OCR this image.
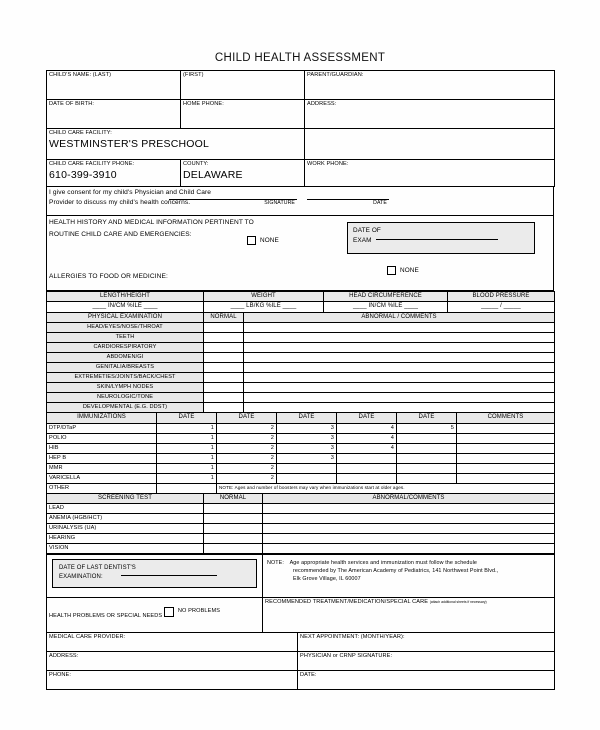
CHILD HEALTH ASSESSMENT
CHILD'S NAME: (LAST)	(FIRST)	PARENT/GUARDIAN:
DATE OF BIRTH:	HOME PHONE:	ADDRESS:
CHILD CARE FACILITY:
WESTMINSTER'S PRESCHOOL		

CHILD CARE FACILITY PHONE:
610-399-3910	COUNTY:
DELAWARE	WORK PHONE:
I give consent for my child's Physician and Child Care
Provider to discuss my child's health concerns.	SIGNATURE	DATE
HEALTH HISTORY AND MEDICAL INFORMATION PERTINENT TO
ROUTINE CHILD CARE AND EMERGENCIES:
NONE
ALLERGIES TO FOOD OR MEDICINE:
NONE
DATE OF
EXAM
LENGTH/HEIGHT	WEIGHT	HEAD CIRCUMFERENCE	BLOOD PRESSURE
____ IN/CM %ILE ____	____ LB/KG %ILE ____	____ IN/CM %ILE ____	_____ / _____
PHYSICAL EXAMINATION	NORMAL	ABNORMAL / COMMENTS
HEAD/EYES/NOSE/THROAT		
TEETH		
CARDIORESPIRATORY		
ABDOMEN/GI		
GENITALIA/BREASTS		
EXTREMETIES/JOINTS/BACK/CHEST		
SKIN/LYMPH NODES		
NEUROLOGIC/TONE		
DEVELOPMENTAL (E.G. DDST)		
IMMUNIZATIONS	DATE	DATE	DATE	DATE	DATE	COMMENTS
DTP/DTaP	1	2	3	4	5	
POLIO	1	2	3	4		
HIB	1	2	3	4		
HEP B	1	2	3			
MMR	1	2				
VARICELLA	1	2				
OTHER		NOTE: Ages and number of boosters may vary when immunizations start at older ages.				
SCREENING TEST	NORMAL	ABNORMAL/COMMENTS
LEAD		
ANEMIA (HGB/HCT)		
URINALYSIS (UA)		
HEARING		
VISION		
DATE OF LAST DENTIST'S
EXAMINATION:

NOTE: Age appropriate health services and immunization must follow the schedule
recommended by The American Academy of Pediatrics, 141 Northwest Point Blvd.,
Elk Grove Village, IL 60007
HEALTH PROBLEMS OR SPECIAL NEEDS
NO PROBLEMS
	RECOMMENDED TREATMENT/MEDICATION/SPECIAL CARE (attach additional sheets if necessary)
MEDICAL CARE PROVIDER:	NEXT APPOINTMENT: (MONTH/YEAR):
ADDRESS:	PHYSICIAN or CRNP SIGNATURE:
PHONE:	DATE:
